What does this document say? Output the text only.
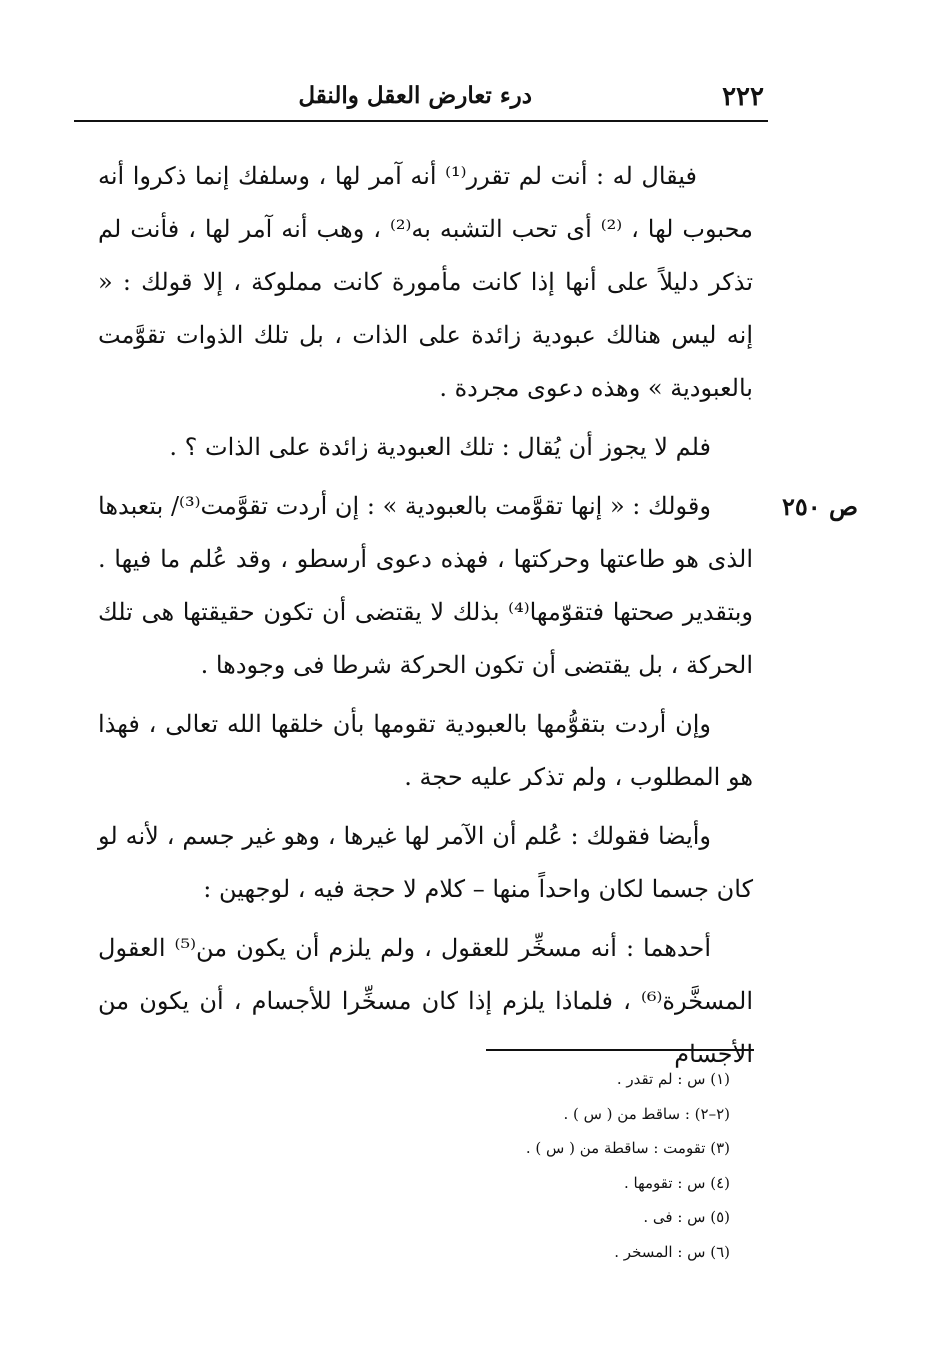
٢٢٢
درء تعارض العقل والنقل
ص ٢٥٠

فيقال له : أنت لم تقرر⁽¹⁾ أنه آمر لها ، وسلفك إنما ذكروا أنه محبوب لها ، ⁽²⁾ أى تحب التشبه به⁽²⁾ ، وهب أنه آمر لها ، فأنت لم تذكر دليلاً على أنها إذا كانت مأمورة كانت مملوكة ، إلا قولك : « إنه ليس هنالك عبودية زائدة على الذات ، بل تلك الذوات تقوَّمت بالعبودية » وهذه دعوى مجردة .

فلم لا يجوز أن يُقال : تلك العبودية زائدة على الذات ؟ .

وقولك : « إنها تقوَّمت بالعبودية » : إن أردت تقوَّمت⁽³⁾/ بتعبدها الذى هو طاعتها وحركتها ، فهذه دعوى أرسطو ، وقد عُلم ما فيها . وبتقدير صحتها فتقوّمها⁽⁴⁾ بذلك لا يقتضى أن تكون حقيقتها هى تلك الحركة ، بل يقتضى أن تكون الحركة شرطا فى وجودها .

وإن أردت بتقوُّمها بالعبودية تقومها بأن خلقها الله تعالى ، فهذا هو المطلوب ، ولم تذكر عليه حجة .

وأيضا فقولك : عُلم أن الآمر لها غيرها ، وهو غير جسم ، لأنه لو كان جسما لكان واحداً منها – كلام لا حجة فيه ، لوجهين :

أحدهما : أنه مسخِّر للعقول ، ولم يلزم أن يكون من⁽⁵⁾ العقول المسخَّرة⁽⁶⁾ ، فلماذا يلزم إذا كان مسخِّرا للأجسام ، أن يكون من الأجسام

(١) س : لم تقدر .
(٢–٢) : ساقط من ( س ) .
(٣) تقومت : ساقطة من ( س ) .
(٤) س : تقومها .
(٥) س : فى .
(٦) س : المسخر .
